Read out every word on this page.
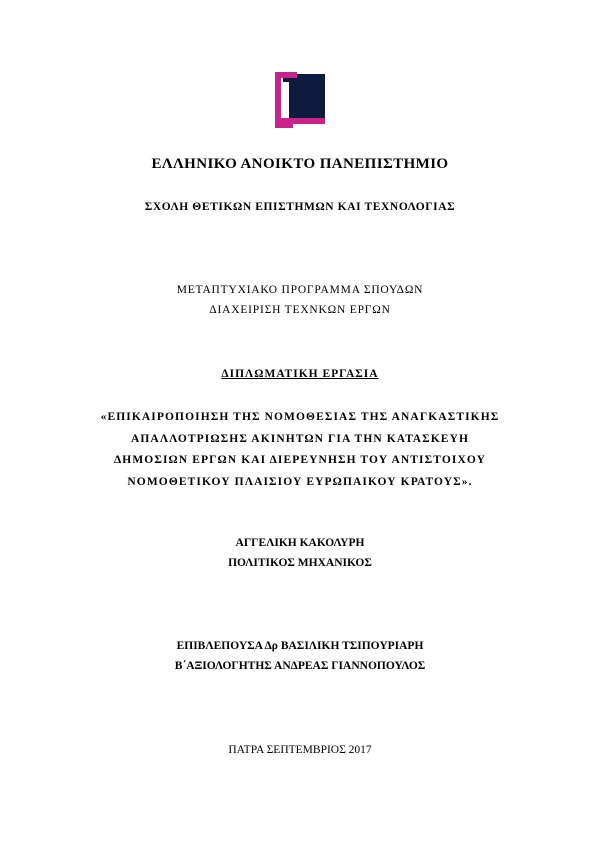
ΕΛΛΗΝΙΚΟ ΑΝΟΙΚΤΟ ΠΑΝΕΠΙΣΤΗΜΙΟ
ΣΧΟΛΗ ΘΕΤΙΚΩΝ ΕΠΙΣΤΗΜΩΝ ΚΑΙ ΤΕΧΝΟΛΟΓΙΑΣ
ΜΕΤΑΠΤΥΧΙΑΚΟ ΠΡΟΓΡΑΜΜΑ ΣΠΟΥΔΩΝ
ΔΙΑΧΕΙΡΙΣΗ ΤΕΧΝΚΩΝ ΕΡΓΩΝ
ΔΙΠΛΩΜΑΤΙΚΗ ΕΡΓΑΣΙΑ
«ΕΠΙΚΑΙΡΟΠΟΙΗΣΗ ΤΗΣ ΝΟΜΟΘΕΣΙΑΣ ΤΗΣ ΑΝΑΓΚΑΣΤΙΚΗΣ
ΑΠΑΛΛΟΤΡΙΩΣΗΣ ΑΚΙΝΗΤΩΝ ΓΙΑ ΤΗΝ ΚΑΤΑΣΚΕΥΗ
ΔΗΜΟΣΙΩΝ ΕΡΓΩΝ ΚΑΙ ΔΙΕΡΕΥΝΗΣΗ ΤΟΥ ΑΝΤΙΣΤΟΙΧΟΥ
ΝΟΜΟΘΕΤΙΚΟΥ ΠΛΑΙΣΙΟΥ ΕΥΡΩΠΑΙΚΟΥ ΚΡΑΤΟΥΣ».
ΑΓΓΕΛΙΚΗ ΚΑΚΟΛΥΡΗ
ΠΟΛΙΤΙΚΟΣ ΜΗΧΑΝΙΚΟΣ
ΕΠΙΒΛΕΠΟΥΣΑ Δρ ΒΑΣΙΛΙΚΗ ΤΣΙΠΟΥΡΙΑΡΗ
Β΄ΑΞΙΟΛΟΓΗΤΗΣ ΑΝΔΡΕΑΣ ΓΙΑΝΝΟΠΟΥΛΟΣ
ΠΑΤΡΑ ΣΕΠΤΕΜΒΡΙΟΣ 2017
